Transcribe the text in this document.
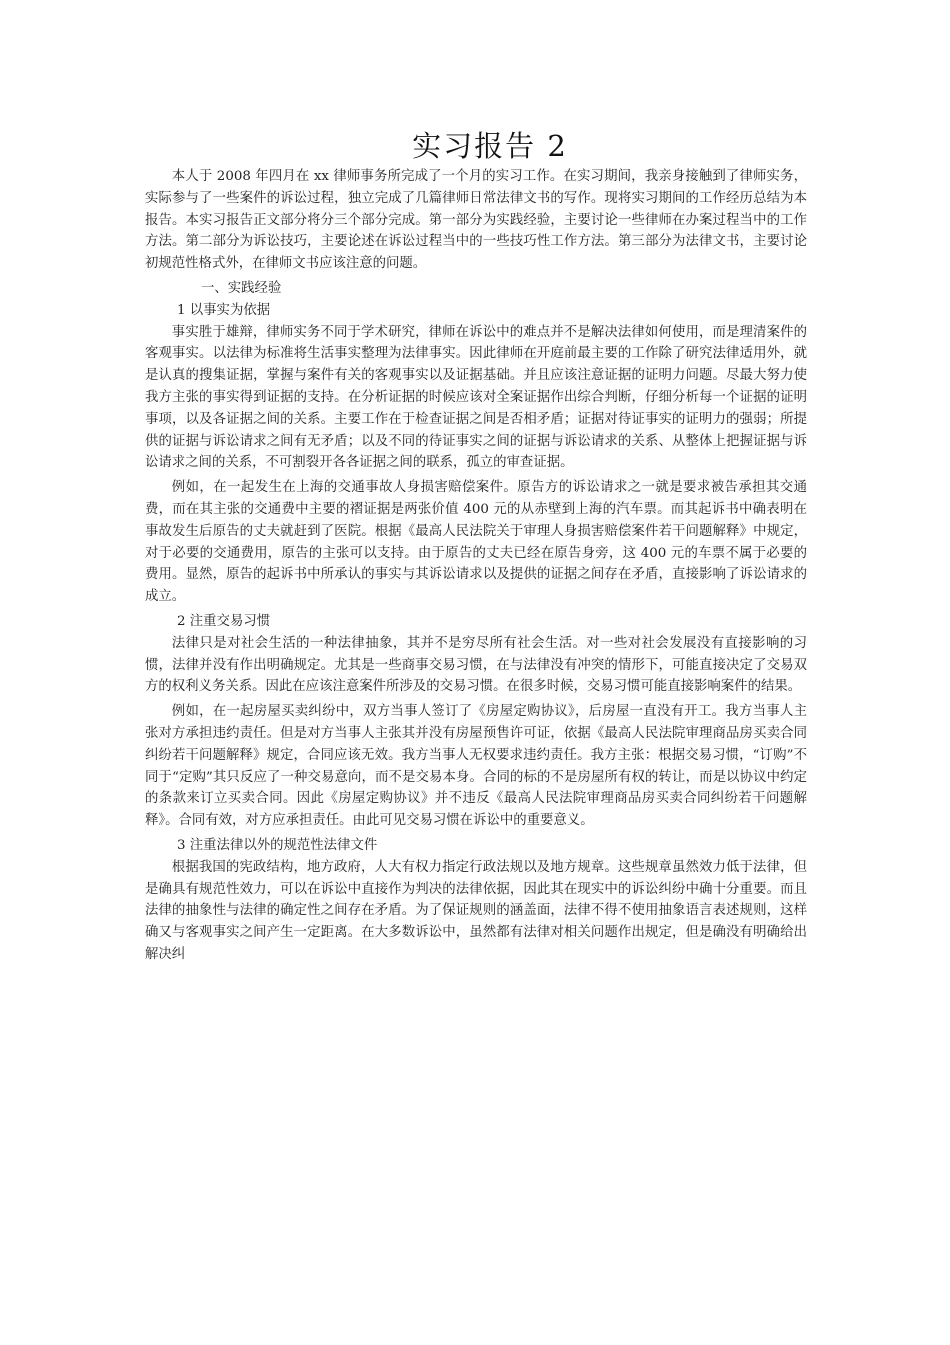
实习报告 2

本人于 2008 年四月在 xx 律师事务所完成了一个月的实习工作。在实习期间，我亲身接触到了律师实务，实际参与了一些案件的诉讼过程，独立完成了几篇律师日常法律文书的写作。现将实习期间的工作经历总结为本报告。本实习报告正文部分将分三个部分完成。第一部分为实践经验，主要讨论一些律师在办案过程当中的工作方法。第二部分为诉讼技巧，主要论述在诉讼过程当中的一些技巧性工作方法。第三部分为法律文书，主要讨论初规范性格式外，在律师文书应该注意的问题。

一、实践经验

1 以事实为依据

事实胜于雄辩，律师实务不同于学术研究，律师在诉讼中的难点并不是解决法律如何使用，而是理清案件的客观事实。以法律为标准将生活事实整理为法律事实。因此律师在开庭前最主要的工作除了研究法律适用外，就是认真的搜集证据，掌握与案件有关的客观事实以及证据基础。并且应该注意证据的证明力问题。尽最大努力使我方主张的事实得到证据的支持。在分析证据的时候应该对全案证据作出综合判断，仔细分析每一个证据的证明事项，以及各证据之间的关系。主要工作在于检查证据之间是否相矛盾；证据对待证事实的证明力的强弱；所提供的证据与诉讼请求之间有无矛盾；以及不同的待证事实之间的证据与诉讼请求的关系、从整体上把握证据与诉讼请求之间的关系，不可割裂开各各证据之间的联系，孤立的审查证据。

例如，在一起发生在上海的交通事故人身损害赔偿案件。原告方的诉讼请求之一就是要求被告承担其交通费，而在其主张的交通费中主要的褶证据是两张价值 400 元的从赤壁到上海的汽车票。而其起诉书中确表明在事故发生后原告的丈夫就赶到了医院。根据《最高人民法院关于审理人身损害赔偿案件若干问题解释》中规定，对于必要的交通费用，原告的主张可以支持。由于原告的丈夫已经在原告身旁，这 400 元的车票不属于必要的费用。显然，原告的起诉书中所承认的事实与其诉讼请求以及提供的证据之间存在矛盾，直接影响了诉讼请求的成立。

2 注重交易习惯

法律只是对社会生活的一种法律抽象，其并不是穷尽所有社会生活。对一些对社会发展没有直接影响的习惯，法律并没有作出明确规定。尤其是一些商事交易习惯，在与法律没有冲突的情形下，可能直接决定了交易双方的权利义务关系。因此在应该注意案件所涉及的交易习惯。在很多时候，交易习惯可能直接影响案件的结果。

例如，在一起房屋买卖纠纷中，双方当事人签订了《房屋定购协议》，后房屋一直没有开工。我方当事人主张对方承担违约责任。但是对方当事人主张其并没有房屋预售许可证，依据《最高人民法院审理商品房买卖合同纠纷若干问题解释》规定，合同应该无效。我方当事人无权要求违约责任。我方主张：根据交易习惯，“订购”不同于“定购”其只反应了一种交易意向，而不是交易本身。合同的标的不是房屋所有权的转让，而是以协议中约定的条款来订立买卖合同。因此《房屋定购协议》并不违反《最高人民法院审理商品房买卖合同纠纷若干问题解释》。合同有效，对方应承担责任。由此可见交易习惯在诉讼中的重要意义。

3 注重法律以外的规范性法律文件

根据我国的宪政结构，地方政府，人大有权力指定行政法规以及地方规章。这些规章虽然效力低于法律，但是确具有规范性效力，可以在诉讼中直接作为判决的法律依据，因此其在现实中的诉讼纠纷中确十分重要。而且法律的抽象性与法律的确定性之间存在矛盾。为了保证规则的涵盖面，法律不得不使用抽象语言表述规则，这样确又与客观事实之间产生一定距离。在大多数诉讼中，虽然都有法律对相关问题作出规定，但是确没有明确给出解决纠
